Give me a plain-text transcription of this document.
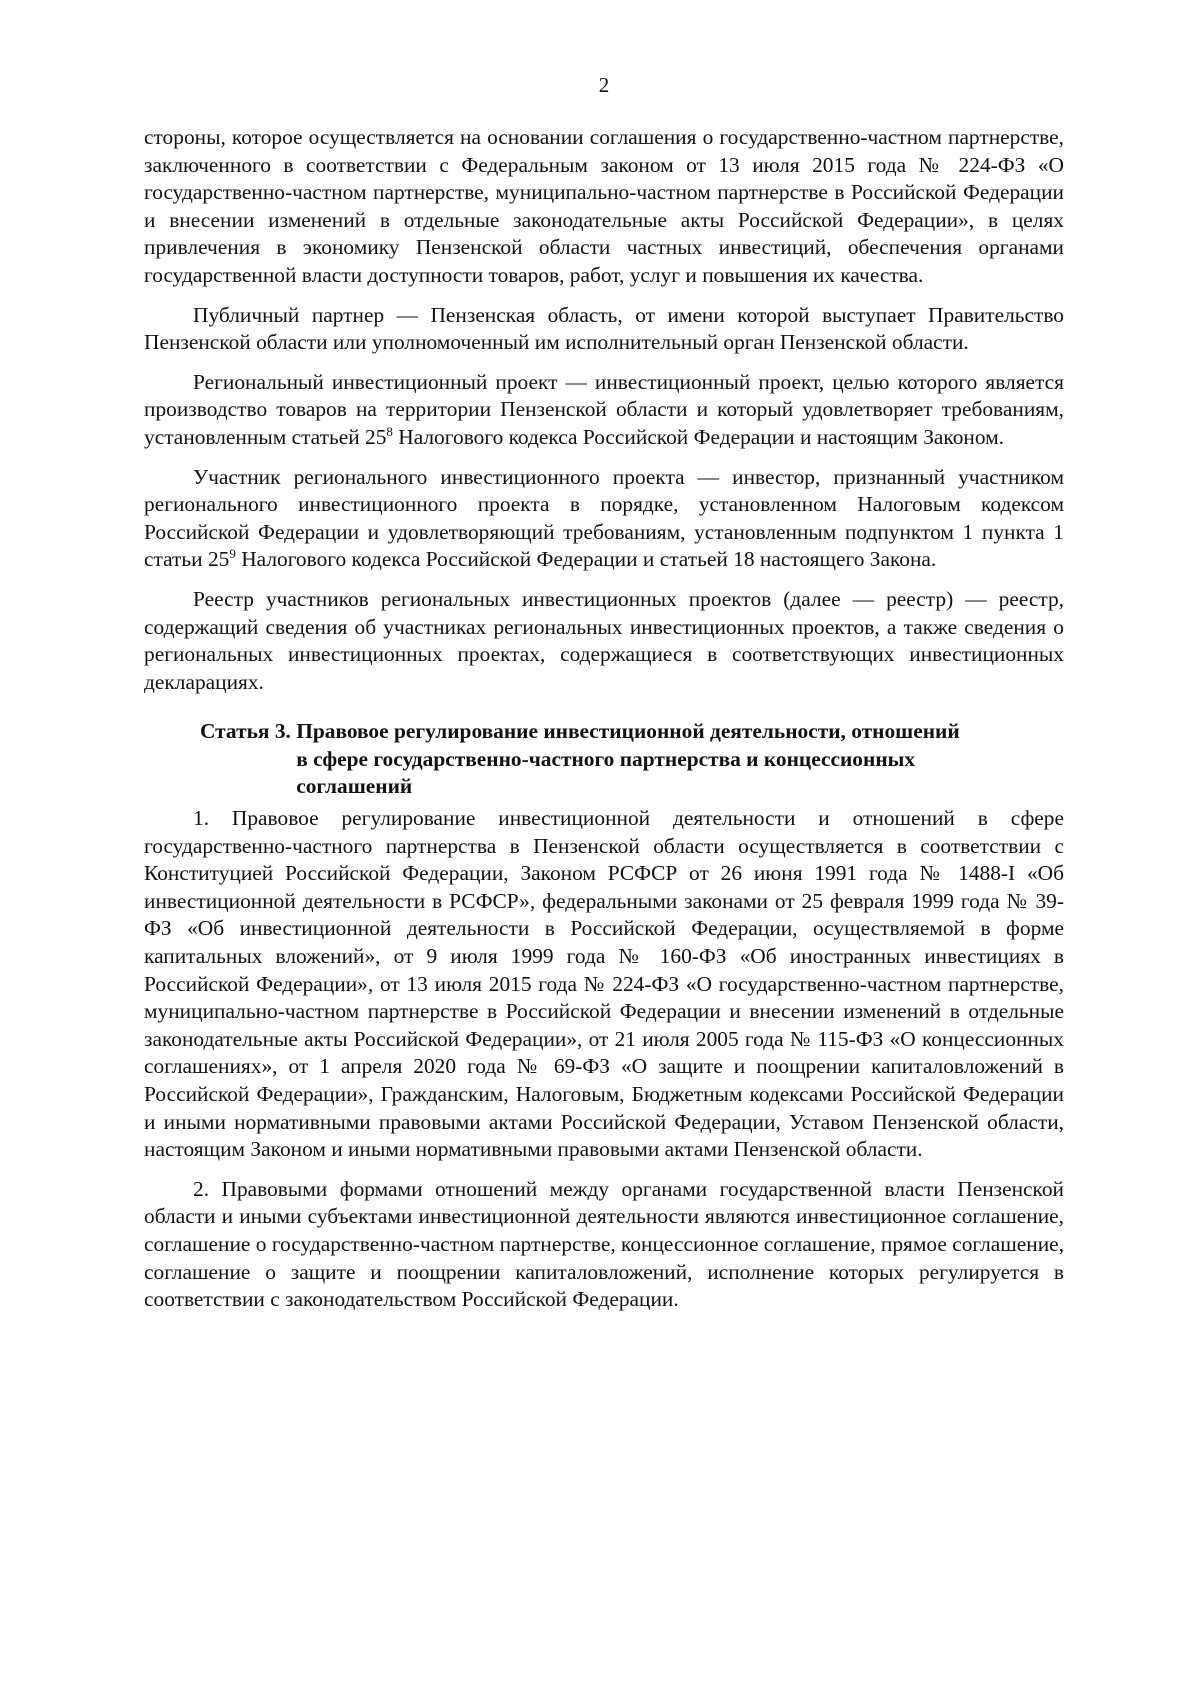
2

стороны, которое осуществляется на основании соглашения о государственно-частном партнерстве, заключенного в соответствии с Федеральным законом от 13 июля 2015 года № 224-ФЗ «О государственно-частном партнерстве, муниципально-частном партнерстве в Российской Федерации и внесении изменений в отдельные законодательные акты Российской Федерации», в целях привлечения в экономику Пензенской области частных инвестиций, обеспечения органами государственной власти доступности товаров, работ, услуг и повышения их качества.

Публичный партнер — Пензенская область, от имени которой выступает Правительство Пензенской области или уполномоченный им исполнительный орган Пензенской области.

Региональный инвестиционный проект — инвестиционный проект, целью которого является производство товаров на территории Пензенской области и который удовлетворяет требованиям, установленным статьей $25^8$ Налогового кодекса Российской Федерации и настоящим Законом.

Участник регионального инвестиционного проекта — инвестор, признанный участником регионального инвестиционного проекта в порядке, установленном Налоговым кодексом Российской Федерации и удовлетворяющий требованиям, установленным подпунктом 1 пункта 1 статьи $25^9$ Налогового кодекса Российской Федерации и статьей 18 настоящего Закона.

Реестр участников региональных инвестиционных проектов (далее — реестр) — реестр, содержащий сведения об участниках региональных инвестиционных проектов, а также сведения о региональных инвестиционных проектах, содержащиеся в соответствующих инвестиционных декларациях.

Статья 3. Правовое регулирование инвестиционной деятельности, отношений в сфере государственно-частного партнерства и концессионных соглашений

1. Правовое регулирование инвестиционной деятельности и отношений в сфере государственно-частного партнерства в Пензенской области осуществляется в соответствии с Конституцией Российской Федерации, Законом РСФСР от 26 июня 1991 года № 1488-I «Об инвестиционной деятельности в РСФСР», федеральными законами от 25 февраля 1999 года № 39-ФЗ «Об инвестиционной деятельности в Российской Федерации, осуществляемой в форме капитальных вложений», от 9 июля 1999 года № 160-ФЗ «Об иностранных инвестициях в Российской Федерации», от 13 июля 2015 года № 224-ФЗ «О государственно-частном партнерстве, муниципально-частном партнерстве в Российской Федерации и внесении изменений в отдельные законодательные акты Российской Федерации», от 21 июля 2005 года № 115-ФЗ «О концессионных соглашениях», от 1 апреля 2020 года № 69-ФЗ «О защите и поощрении капиталовложений в Российской Федерации», Гражданским, Налоговым, Бюджетным кодексами Российской Федерации и иными нормативными правовыми актами Российской Федерации, Уставом Пензенской области, настоящим Законом и иными нормативными правовыми актами Пензенской области.

2. Правовыми формами отношений между органами государственной власти Пензенской области и иными субъектами инвестиционной деятельности являются инвестиционное соглашение, соглашение о государственно-частном партнерстве, концессионное соглашение, прямое соглашение, соглашение о защите и поощрении капиталовложений, исполнение которых регулируется в соответствии с законодательством Российской Федерации.
